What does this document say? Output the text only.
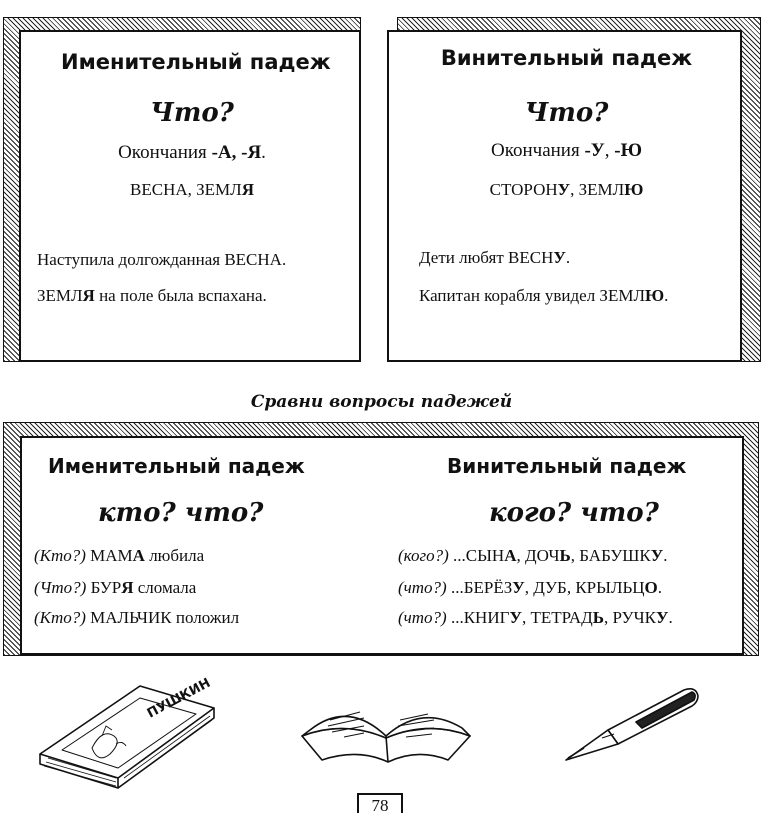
Именительный падеж
Что?
Окончания -А, -Я.
ВЕСНА, ЗЕМЛЯ
Наступила долгожданная ВЕСНА.
ЗЕМЛЯ на поле была вспахана.
Винительный падеж
Что?
Окончания -У, -Ю
СТОРОНУ, ЗЕМЛЮ
Дети любят ВЕСНУ.
Капитан корабля увидел ЗЕМЛЮ.
Сравни вопросы падежей
Именительный падеж	Винительный падеж
кто? что?	кого? что?
(Кто?) МАМА любила
(Что?) БУРЯ сломала
(Кто?) МАЛЬЧИК положил
(кого?) ...СЫНА, ДОЧЬ, БАБУШКУ.
(что?) ...БЕРЁЗУ, ДУБ, КРЫЛЬЦО.
(что?) ...КНИГУ, ТЕТРАДЬ, РУЧКУ.
ПУШКИН
78
